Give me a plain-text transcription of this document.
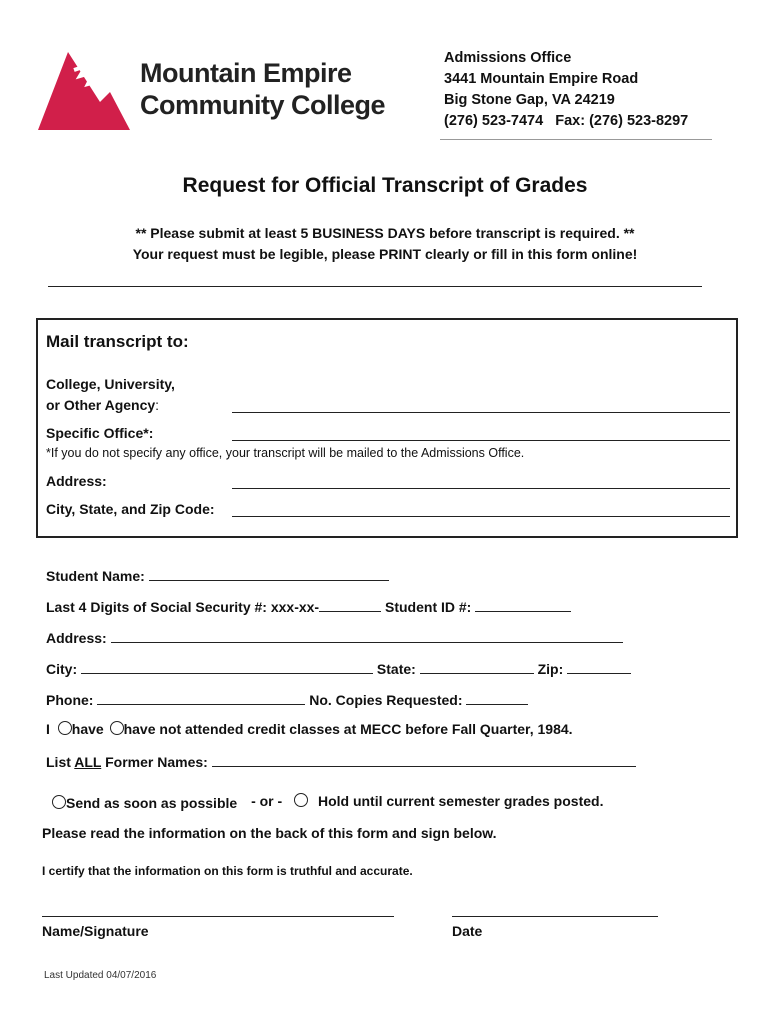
Mountain Empire
Community College
Admissions Office
3441 Mountain Empire Road
Big Stone Gap, VA 24219
(276) 523-7474   Fax: (276) 523-8297
Request for Official Transcript of Grades
** Please submit at least 5 BUSINESS DAYS before transcript is required. **
Your request must be legible, please PRINT clearly or fill in this form online!
Mail transcript to:
College, University,
or Other Agency:
Specific Office*:
*If you do not specify any office, your transcript will be mailed to the Admissions Office.
Address:
City, State, and Zip Code:
Student Name:
Last 4 Digits of Social Security #: xxx-xx-	Student ID #:
Address:
City:	State:	Zip:
Phone:	No. Copies Requested:
I have have not attended credit classes at MECC before Fall Quarter, 1984.
List ALL Former Names:
Send as soon as possible - or -	Hold until current semester grades posted.
Please read the information on the back of this form and sign below.
I certify that the information on this form is truthful and accurate.
Name/Signature	Date
Last Updated 04/07/2016
